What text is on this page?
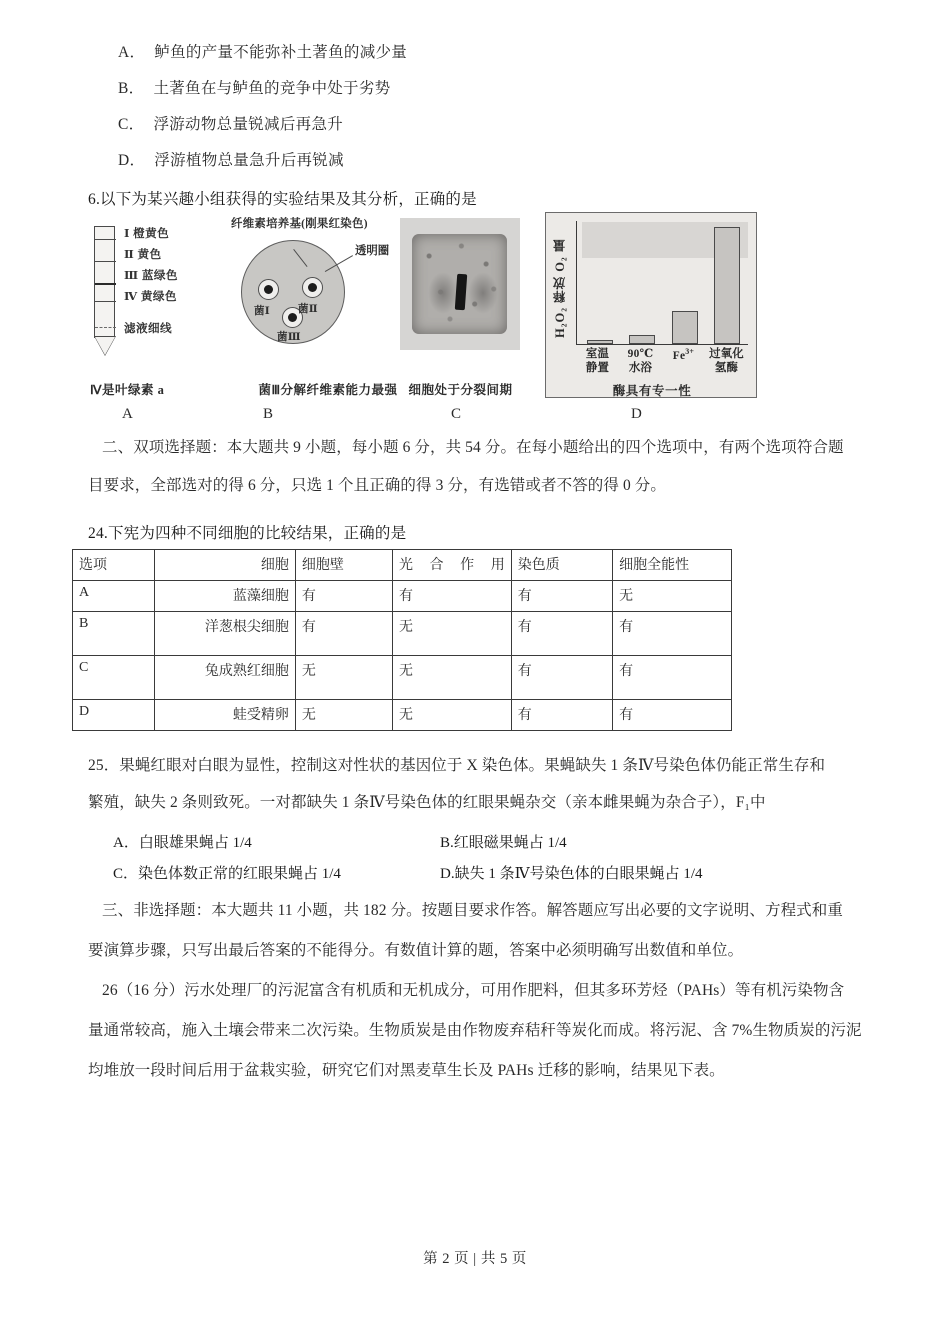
A． 鲈鱼的产量不能弥补土著鱼的减少量
B． 土著鱼在与鲈鱼的竞争中处于劣势
C． 浮游动物总量锐减后再急升
D． 浮游植物总量急升后再锐减
6.以下为某兴趣小组获得的实验结果及其分析，正确的是
Ⅰ 橙黄色
Ⅱ 黄色
Ⅲ 蓝绿色
Ⅳ 黄绿色
滤液细线
Ⅳ是叶绿素 a
纤维素培养基(刚果红染色)
菌Ⅰ	菌Ⅱ
菌Ⅲ
透明圈
菌Ⅲ分解纤维素能力最强 细胞处于分裂间期
H₂O₂ 释放 O₂ 量
室温
静置
90℃
水浴
$Fe^{3+}$	过氧化
氢酶
酶具有专一性
A	B	C	D
二、双项选择题：本大题共 9 小题，每小题 6 分，共 54 分。在每小题给出的四个选项中，有两个选项符合题
目要求，全部选对的得 6 分，只选 1 个且正确的得 3 分，有选错或者不答的得 0 分。
24.下宪为四种不同细胞的比较结果，正确的是
选项	细胞	细胞壁	光 合 作 用	染色质	细胞全能性
A	蓝藻细胞	有	有	有	无
B	洋葱根尖细胞	有	无	有	有
C	兔成熟红细胞	无	无	有	有
D	蛙受精卵	无	无	有	有
25．果蝇红眼对白眼为显性，控制这对性状的基因位于 X 染色体。果蝇缺失 1 条Ⅳ号染色体仍能正常生存和
繁殖，缺失 2 条则致死。一对都缺失 1 条Ⅳ号染色体的红眼果蝇杂交（亲本雌果蝇为杂合子），F₁中
A．白眼雄果蝇占 1/4	B.红眼磁果蝇占 1/4
C．染色体数正常的红眼果蝇占 1/4	D.缺失 1 条Ⅳ号染色体的白眼果蝇占 1/4
三、非选择题：本大题共 11 小题，共 182 分。按题目要求作答。解答题应写出必要的文字说明、方程式和重
要演算步骤，只写出最后答案的不能得分。有数值计算的题，答案中必须明确写出数值和单位。
26（16 分）污水处理厂的污泥富含有机质和无机成分，可用作肥料，但其多环芳烃（PAHs）等有机污染物含
量通常较高，施入土壤会带来二次污染。生物质炭是由作物废弃秸秆等炭化而成。将污泥、含 7%生物质炭的污泥
均堆放一段时间后用于盆栽实验，研究它们对黑麦草生长及 PAHs 迁移的影响，结果见下表。
第 2 页 | 共 5 页
